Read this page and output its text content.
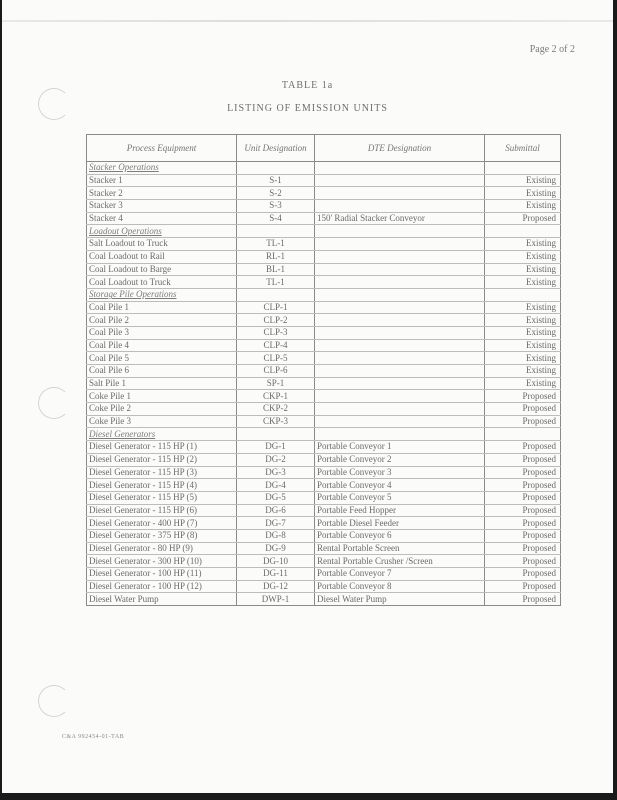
Page 2 of 2
TABLE 1a
LISTING OF EMISSION UNITS
Process Equipment	Unit Designation	DTE Designation	Submittal
Stacker Operations			
Stacker 1	S-1		Existing
Stacker 2	S-2		Existing
Stacker 3	S-3		Existing
Stacker 4	S-4	150' Radial Stacker Conveyor	Proposed
Loadout Operations			
Salt Loadout to Truck	TL-1		Existing
Coal Loadout to Rail	RL-1		Existing
Coal Loadout to Barge	BL-1		Existing
Coal Loadout to Truck	TL-1		Existing
Storage Pile Operations			
Coal Pile 1	CLP-1		Existing
Coal Pile 2	CLP-2		Existing
Coal Pile 3	CLP-3		Existing
Coal Pile 4	CLP-4		Existing
Coal Pile 5	CLP-5		Existing
Coal Pile 6	CLP-6		Existing
Salt Pile 1	SP-1		Existing
Coke Pile 1	CKP-1		Proposed
Coke Pile 2	CKP-2		Proposed
Coke Pile 3	CKP-3		Proposed
Diesel Generators			
Diesel Generator - 115 HP (1)	DG-1	Portable Conveyor 1	Proposed
Diesel Generator - 115 HP (2)	DG-2	Portable Conveyor 2	Proposed
Diesel Generator - 115 HP (3)	DG-3	Portable Conveyor 3	Proposed
Diesel Generator - 115 HP (4)	DG-4	Portable Conveyor 4	Proposed
Diesel Generator - 115 HP (5)	DG-5	Portable Conveyor 5	Proposed
Diesel Generator - 115 HP (6)	DG-6	Portable Feed Hopper	Proposed
Diesel Generator - 400 HP (7)	DG-7	Portable Diesel Feeder	Proposed
Diesel Generator - 375 HP (8)	DG-8	Portable Conveyor 6	Proposed
Diesel Generator - 80 HP (9)	DG-9	Rental Portable Screen	Proposed
Diesel Generator - 300 HP (10)	DG-10	Rental Portable Crusher /Screen	Proposed
Diesel Generator - 100 HP (11)	DG-11	Portable Conveyor 7	Proposed
Diesel Generator - 100 HP (12)	DG-12	Portable Conveyor 8	Proposed
Diesel Water Pump	DWP-1	Diesel Water Pump	Proposed
C&A 992454-01-TAB
